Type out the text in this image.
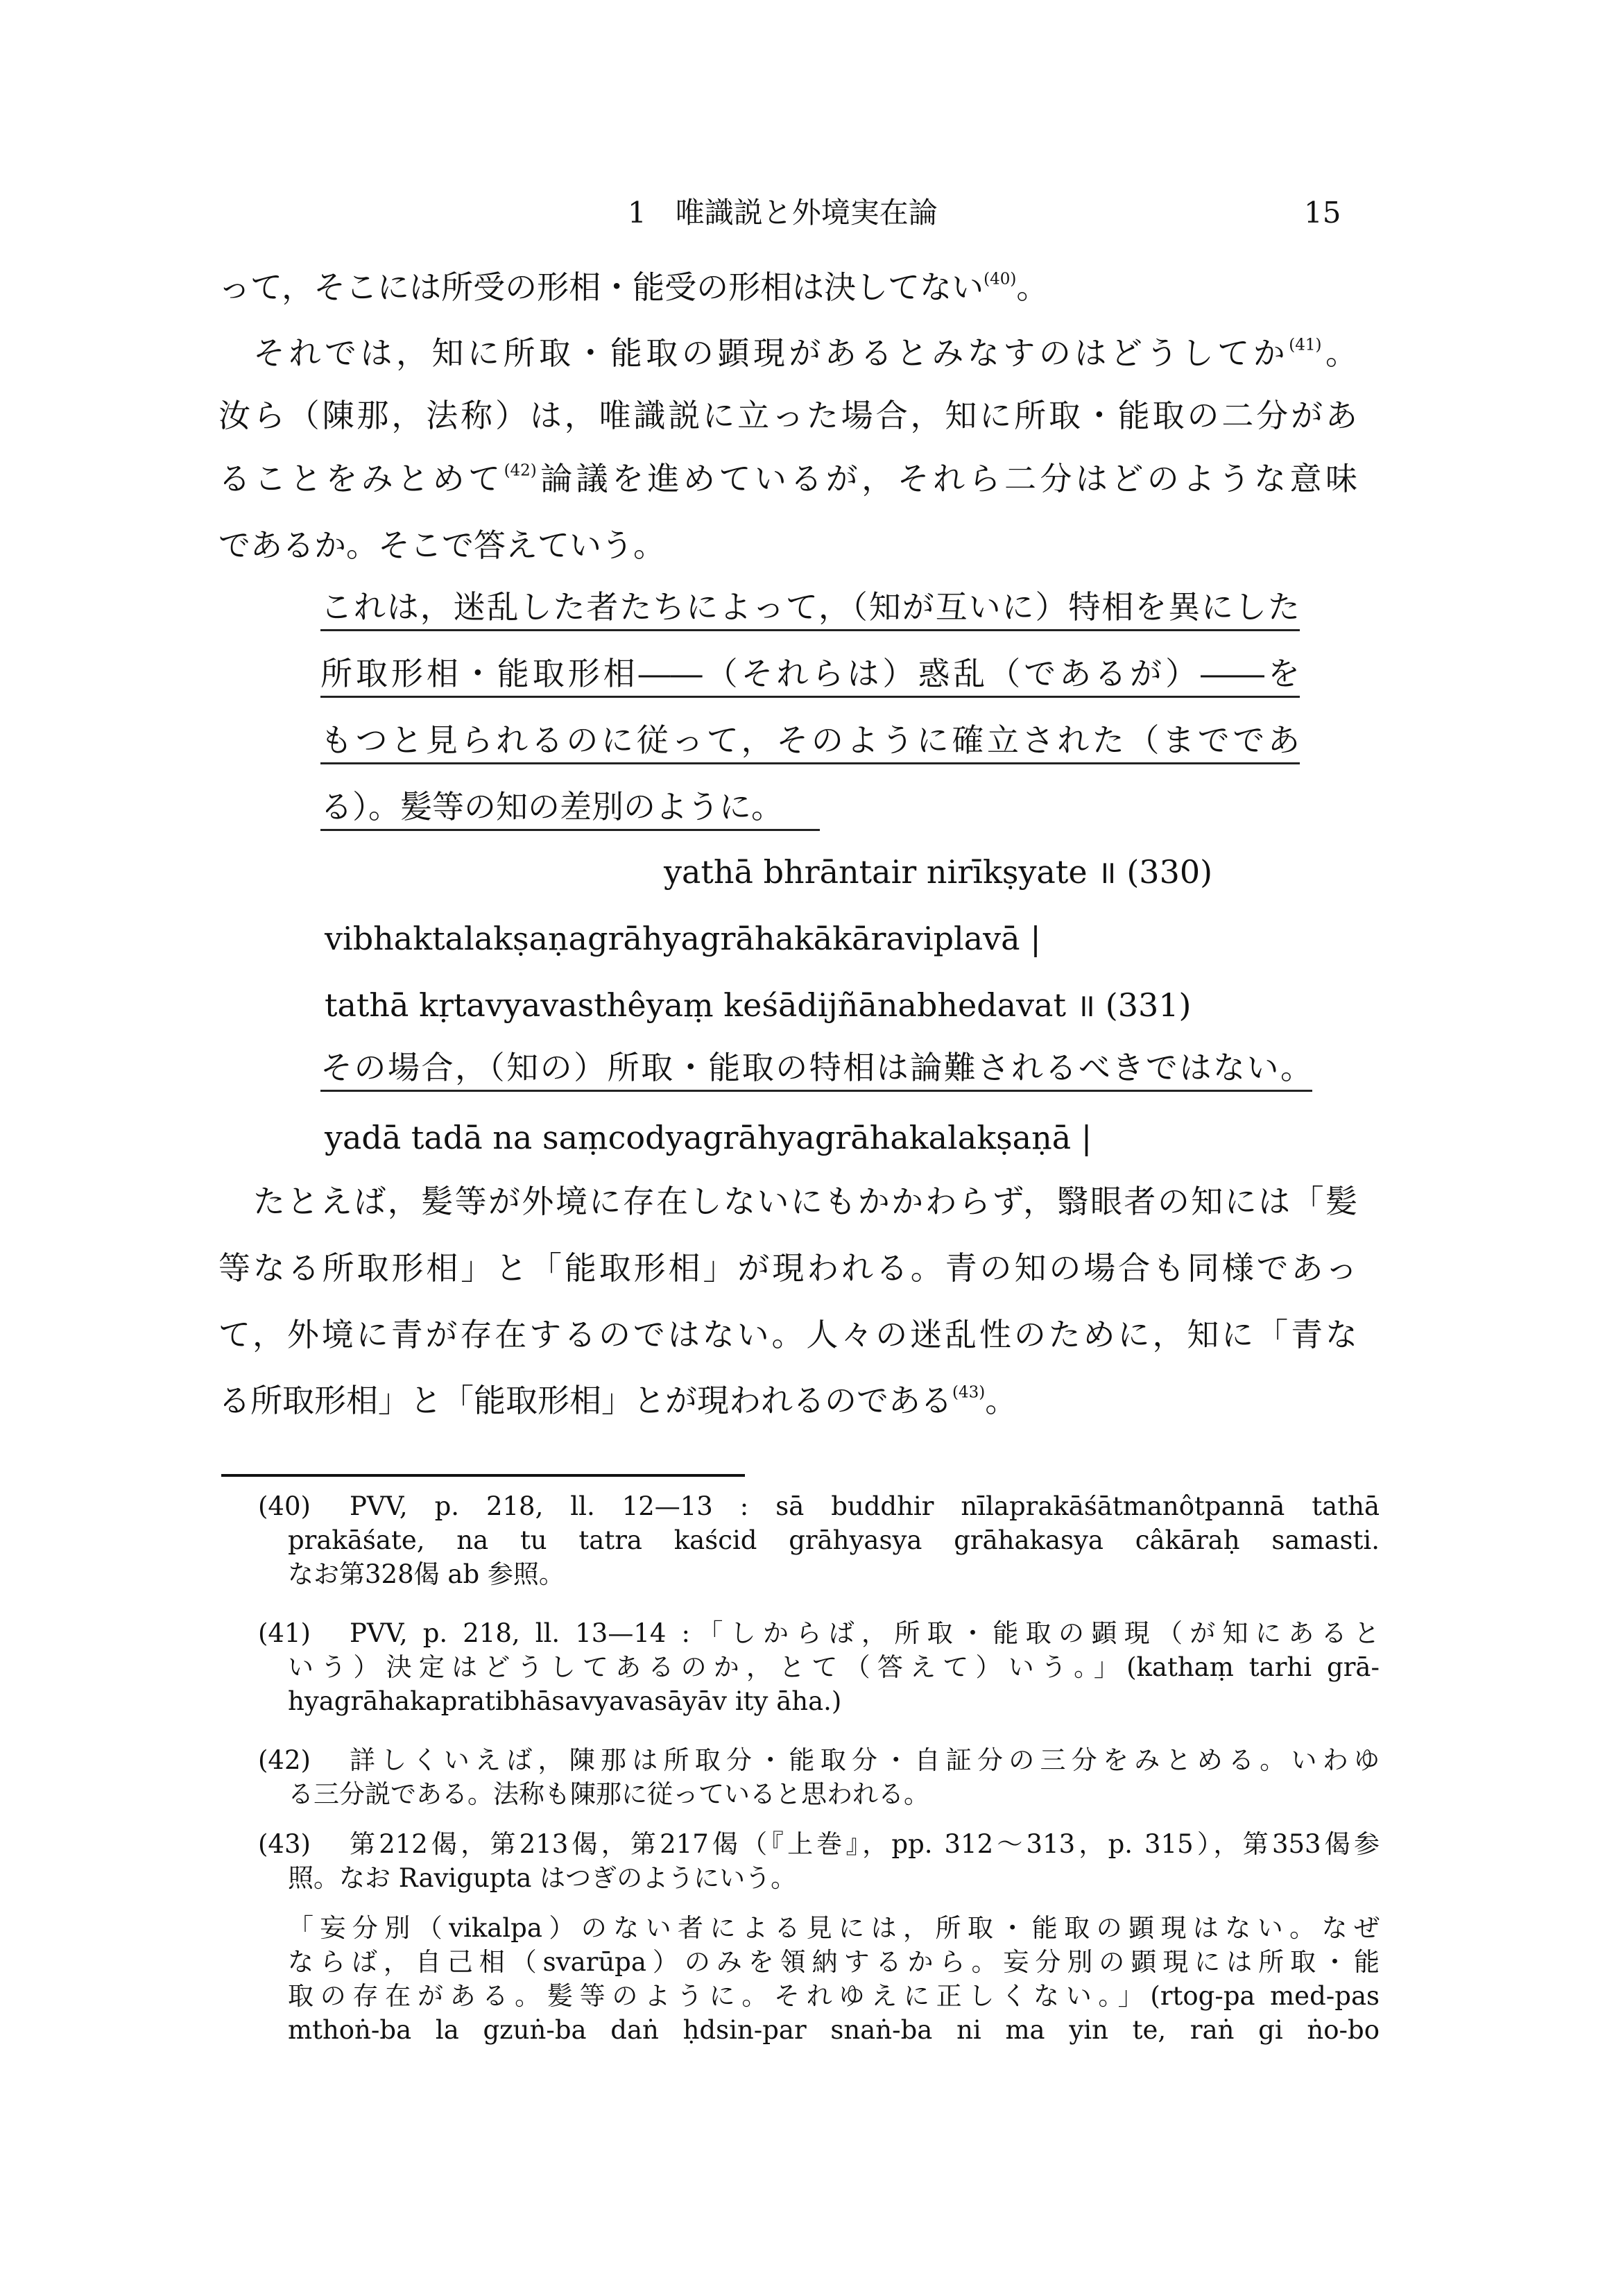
1　唯識説と外境実在論	15
って，そこには所受の形相・能受の形相は決してない$^{(40)}$。
それでは，知に所取・能取の顕現があるとみなすのはどうしてか$^{(41)}$。
汝ら（陳那，法称）は，唯識説に立った場合，知に所取・能取の二分があ
ることをみとめて$^{(42)}$論議を進めているが，それら二分はどのような意味
であるか。そこで答えていう。
これは，迷乱した者たちによって，（知が互いに）特相を異にした
所取形相・能取形相――（それらは）惑乱（であるが）――を
もつと見られるのに従って，そのように確立された（までであ
る）。髪等の知の差別のように。
yathā bhrāntair nirīkṣyate ॥ (330)
vibhaktalakṣaṇagrāhyagrāhakākāraviplavā |
tathā kṛtavyavasthêyaṃ keśādijñānabhedavat ॥ (331)
その場合，（知の）所取・能取の特相は論難されるべきではない。
yadā tadā na saṃcodyagrāhyagrāhakalakṣaṇā |
たとえば，髪等が外境に存在しないにもかかわらず，翳眼者の知には「髪
等なる所取形相」と「能取形相」が現われる。青の知の場合も同様であっ
て，外境に青が存在するのではない。人々の迷乱性のために，知に「青な
る所取形相」と「能取形相」とが現われるのである$^{(43)}$。
(40) PVV, p. 218, ll. 12—13 : sā buddhir nīlaprakāśātmanôtpannā tathā
prakāśate, na tu tatra kaścid grāhyasya grāhakasya câkāraḥ samasti.
なお第328偈 ab 参照。
(41) PVV, p. 218, ll. 13—14 :「しからば，所取・能取の顕現（が知にあると
いう）決定はどうしてあるのか，とて（答えて）いう。」(kathaṃ tarhi grā-
hyagrāhakapratibhāsavyavasāyāv ity āha.)
(42) 詳しくいえば，陳那は所取分・能取分・自証分の三分をみとめる。いわゆ
る三分説である。法称も陳那に従っていると思われる。
(43) 第212偈，第213偈，第217偈（『上巻』，pp. 312～313，p. 315），第353偈参
照。なお Ravigupta はつぎのようにいう。
「妄分別（vikalpa）のない者による見には，所取・能取の顕現はない。なぜ
ならば，自己相（svarūpa）のみを領納するから。妄分別の顕現には所取・能
取の存在がある。髪等のように。それゆえに正しくない。」(rtog-pa med-pas
mthoṅ-ba la gzuṅ-ba daṅ ḥdsin-par snaṅ-ba ni ma yin te, raṅ gi ṅo-bo
